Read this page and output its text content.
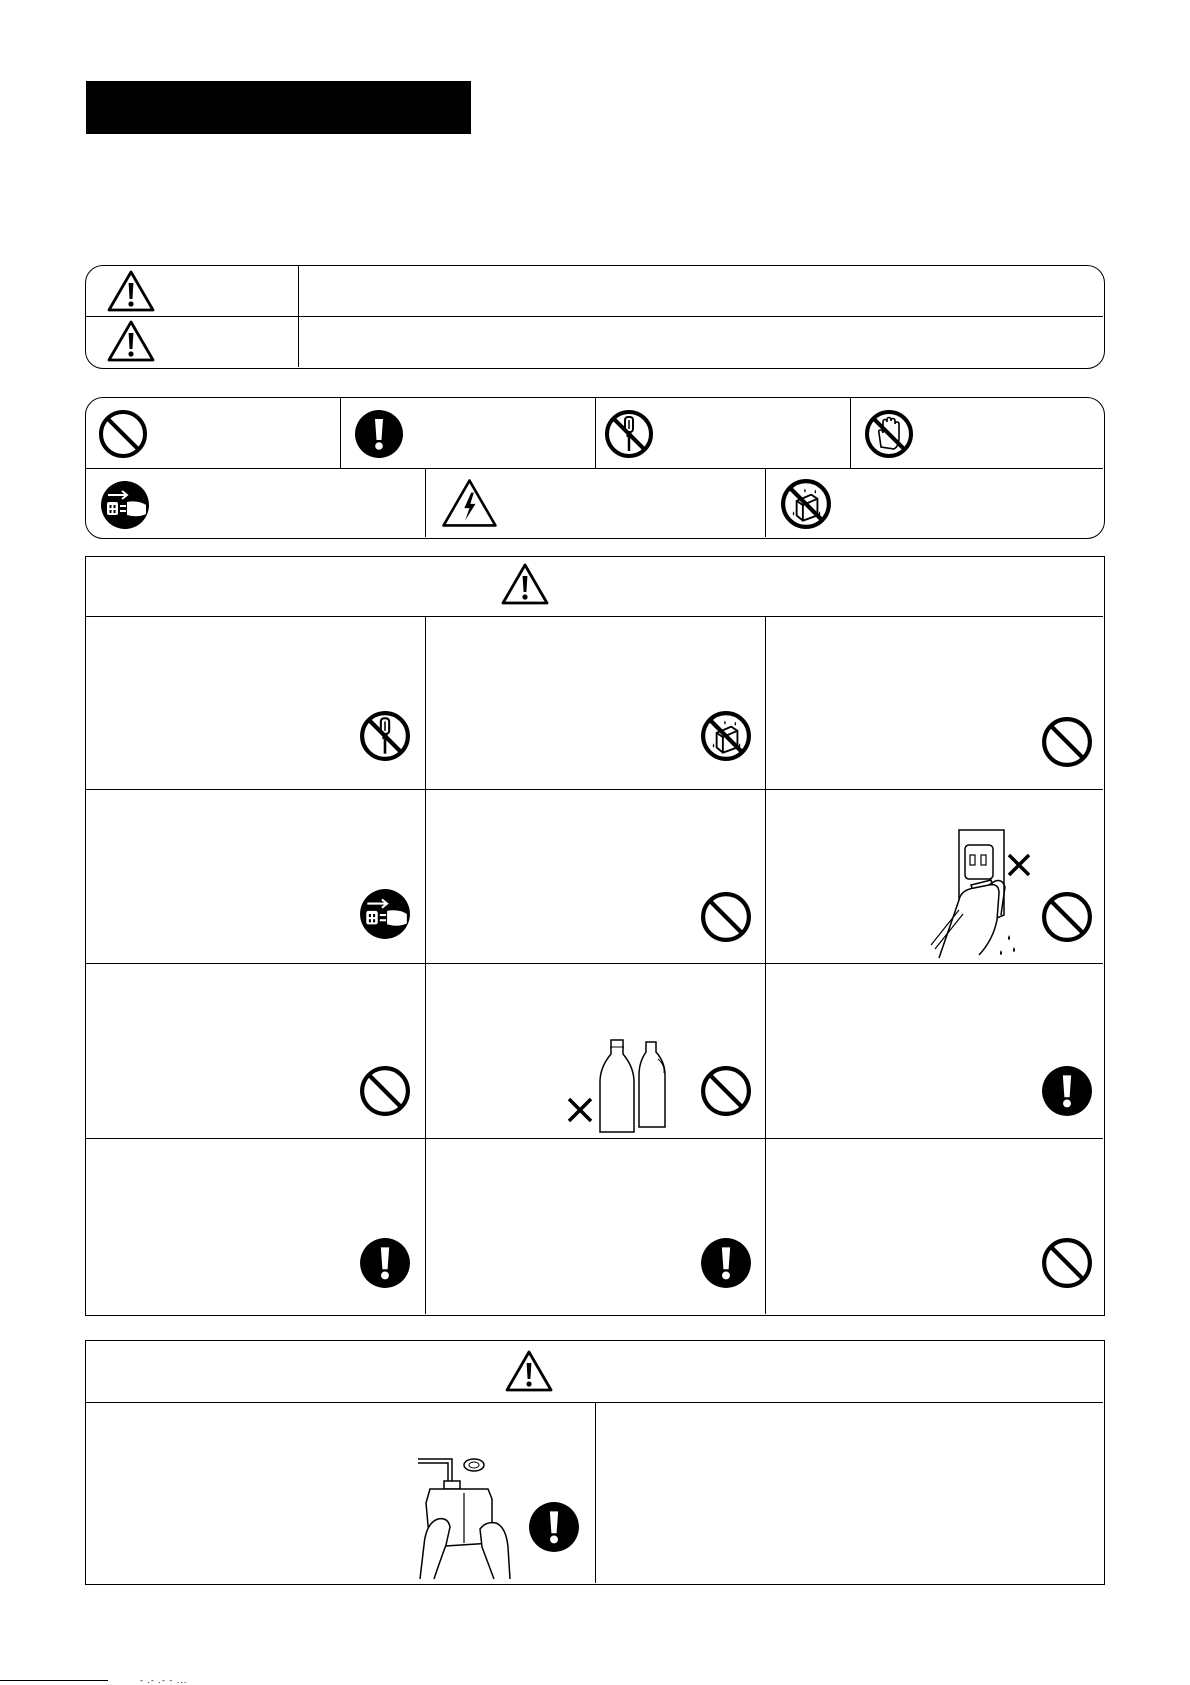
- .- .- - ...
